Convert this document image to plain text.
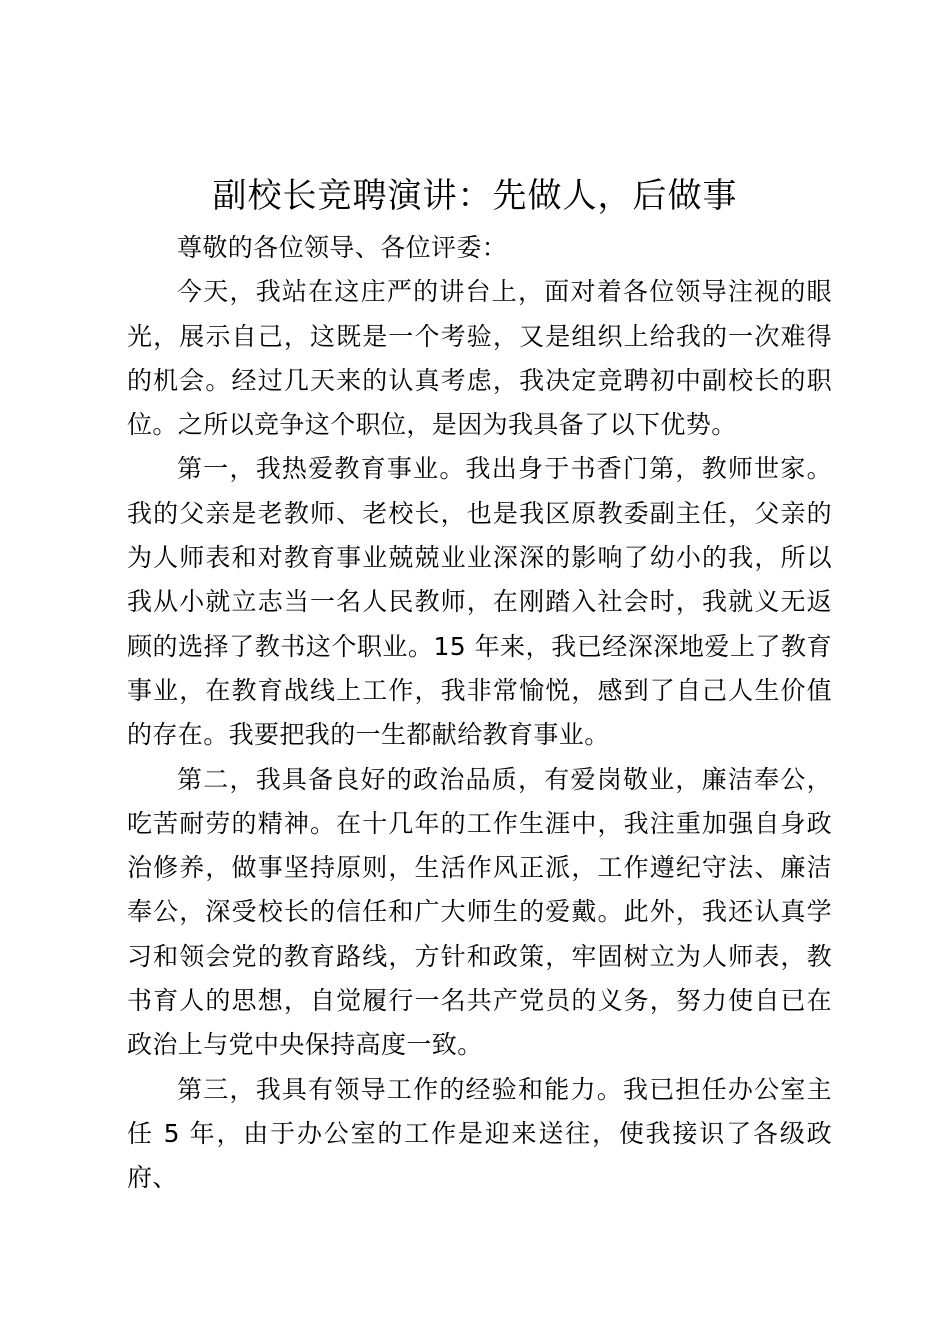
副校长竞聘演讲：先做人，后做事

尊敬的各位领导、各位评委：

今天，我站在这庄严的讲台上，面对着各位领导注视的眼光，展示自己，这既是一个考验，又是组织上给我的一次难得的机会。经过几天来的认真考虑，我决定竞聘初中副校长的职位。之所以竞争这个职位，是因为我具备了以下优势。

第一，我热爱教育事业。我出身于书香门第，教师世家。我的父亲是老教师、老校长，也是我区原教委副主任，父亲的为人师表和对教育事业兢兢业业深深的影响了幼小的我，所以我从小就立志当一名人民教师，在刚踏入社会时，我就义无返顾的选择了教书这个职业。15 年来，我已经深深地爱上了教育事业，在教育战线上工作，我非常愉悦，感到了自己人生价值的存在。我要把我的一生都献给教育事业。

第二，我具备良好的政治品质，有爱岗敬业，廉洁奉公，吃苦耐劳的精神。在十几年的工作生涯中，我注重加强自身政治修养，做事坚持原则，生活作风正派，工作遵纪守法、廉洁奉公，深受校长的信任和广大师生的爱戴。此外，我还认真学习和领会党的教育路线，方针和政策，牢固树立为人师表，教书育人的思想，自觉履行一名共产党员的义务，努力使自已在政治上与党中央保持高度一致。

第三，我具有领导工作的经验和能力。我已担任办公室主任 5 年，由于办公室的工作是迎来送往，使我接识了各级政府、
